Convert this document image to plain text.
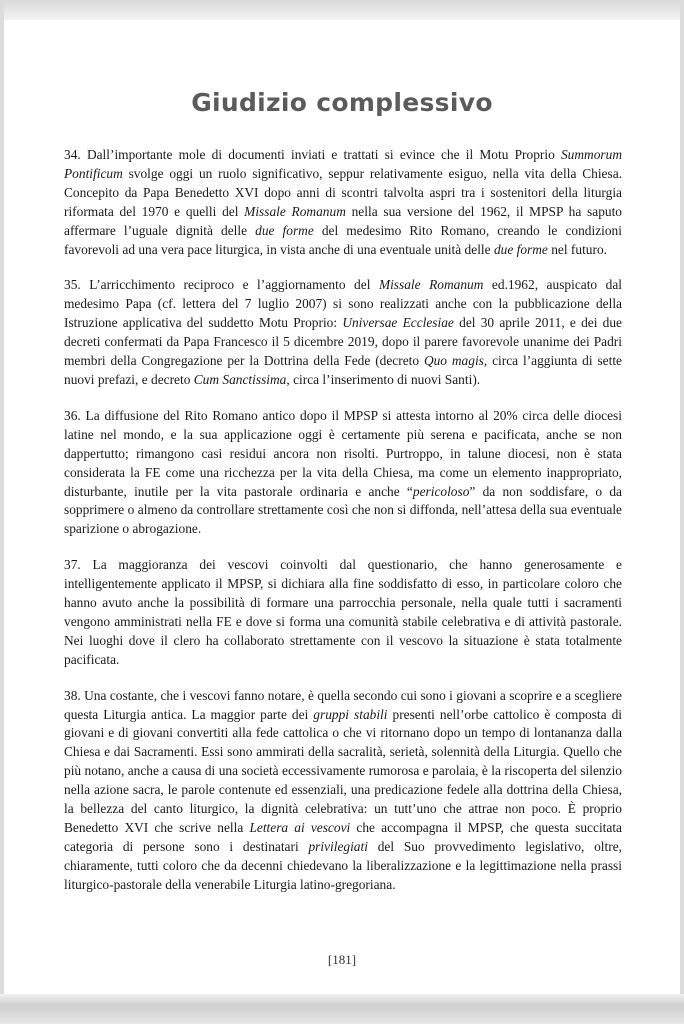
Giudizio complessivo

34. Dall’importante mole di documenti inviati e trattati si evince che il Motu Proprio Summorum Pontificum svolge oggi un ruolo significativo, seppur relativamente esiguo, nella vita della Chiesa. Concepito da Papa Benedetto XVI dopo anni di scontri talvolta aspri tra i sostenitori della liturgia riformata del 1970 e quelli del Missale Romanum nella sua versione del 1962, il MPSP ha saputo affermare l’uguale dignità delle due forme del medesimo Rito Romano, creando le condizioni favorevoli ad una vera pace liturgica, in vista anche di una eventuale unità delle due forme nel futuro.

35. L’arricchimento reciproco e l’aggiornamento del Missale Romanum ed.1962, auspicato dal medesimo Papa (cf. lettera del 7 luglio 2007) si sono realizzati anche con la pubblicazione della Istruzione applicativa del suddetto Motu Proprio: Universae Ecclesiae del 30 aprile 2011, e dei due decreti confermati da Papa Francesco il 5 dicembre 2019, dopo il parere favorevole unanime dei Padri membri della Congregazione per la Dottrina della Fede (decreto Quo magis, circa l’aggiunta di sette nuovi prefazi, e decreto Cum Sanctissima, circa l’inserimento di nuovi Santi).

36. La diffusione del Rito Romano antico dopo il MPSP si attesta intorno al 20% circa delle diocesi latine nel mondo, e la sua applicazione oggi è certamente più serena e pacificata, anche se non dappertutto; rimangono casi residui ancora non risolti. Purtroppo, in talune diocesi, non è stata considerata la FE come una ricchezza per la vita della Chiesa, ma come un elemento inappropriato, disturbante, inutile per la vita pastorale ordinaria e anche “pericoloso” da non soddisfare, o da sopprimere o almeno da controllare strettamente così che non si diffonda, nell’attesa della sua eventuale sparizione o abrogazione.

37. La maggioranza dei vescovi coinvolti dal questionario, che hanno generosamente e intelligentemente applicato il MPSP, si dichiara alla fine soddisfatto di esso, in particolare coloro che hanno avuto anche la possibilità di formare una parrocchia personale, nella quale tutti i sacramenti vengono amministrati nella FE e dove si forma una comunità stabile celebrativa e di attività pastorale. Nei luoghi dove il clero ha collaborato strettamente con il vescovo la situazione è stata totalmente pacificata.

38. Una costante, che i vescovi fanno notare, è quella secondo cui sono i giovani a scoprire e a scegliere questa Liturgia antica. La maggior parte dei gruppi stabili presenti nell’orbe cattolico è composta di giovani e di giovani convertiti alla fede cattolica o che vi ritornano dopo un tempo di lontananza dalla Chiesa e dai Sacramenti. Essi sono ammirati della sacralità, serietà, solennità della Liturgia. Quello che più notano, anche a causa di una società eccessivamente rumorosa e parolaia, è la riscoperta del silenzio nella azione sacra, le parole contenute ed essenziali, una predicazione fedele alla dottrina della Chiesa, la bellezza del canto liturgico, la dignità celebrativa: un tutt’uno che attrae non poco. È proprio Benedetto XVI che scrive nella Lettera ai vescovi che accompagna il MPSP, che questa succitata categoria di persone sono i destinatari privilegiati del Suo provvedimento legislativo, oltre, chiaramente, tutti coloro che da decenni chiedevano la liberalizzazione e la legittimazione nella prassi liturgico-pastorale della venerabile Liturgia latino-gregoriana.

[181]
